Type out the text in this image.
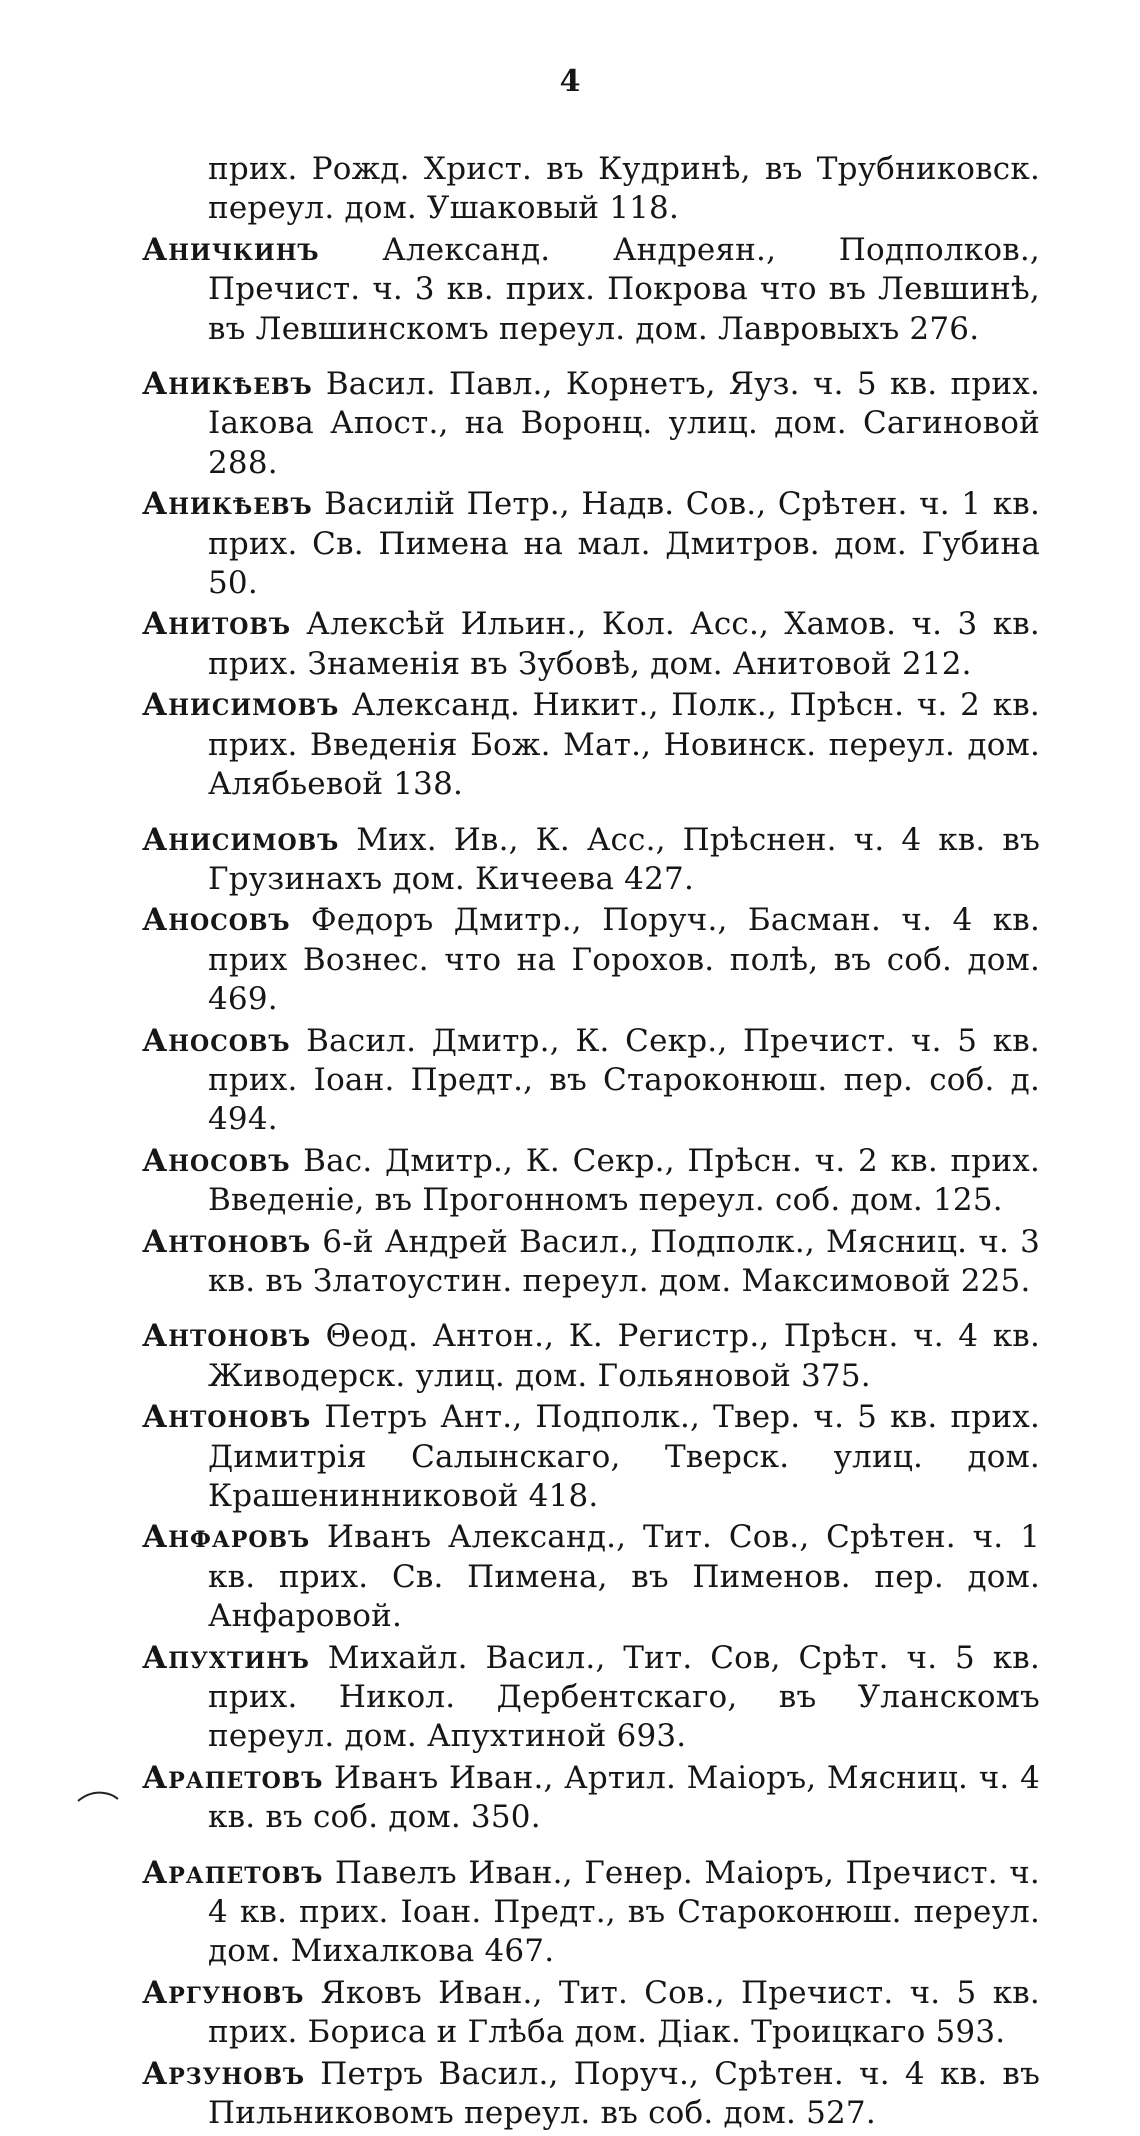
4
прих. Рожд. Христ. въ Кудринѣ, въ Трубниковск. переул. дом. Ушаковый 118.
Аничкинъ Александ. Андреян., Подполков., Пречист. ч. 3 кв. прих. Покрова что въ Левшинѣ, въ Левшинскомъ переул. дом. Лавровыхъ 276.
Аникѣевъ Васил. Павл., Корнетъ, Яуз. ч. 5 кв. прих. Іакова Апост., на Воронц. улиц. дом. Сагиновой 288.
Аникѣевъ Василій Петр., Надв. Сов., Срѣтен. ч. 1 кв. прих. Св. Пимена на мал. Дмитров. дом. Губина 50.
Анитовъ Алексѣй Ильин., Кол. Асс., Хамов. ч. 3 кв. прих. Знаменія въ Зубовѣ, дом. Анитовой 212.
Анисимовъ Александ. Никит., Полк., Прѣсн. ч. 2 кв. прих. Введенія Бож. Мат., Новинск. переул. дом. Алябьевой 138.
Анисимовъ Мих. Ив., К. Асс., Прѣснен. ч. 4 кв. въ Грузинахъ дом. Кичеева 427.
Аносовъ Федоръ Дмитр., Поруч., Басман. ч. 4 кв. прих Вознес. что на Горохов. полѣ, въ соб. дом. 469.
Аносовъ Васил. Дмитр., К. Секр., Пречист. ч. 5 кв. прих. Іоан. Предт., въ Староконюш. пер. соб. д. 494.
Аносовъ Вас. Дмитр., К. Секр., Прѣсн. ч. 2 кв. прих. Введеніе, въ Прогонномъ переул. соб. дом. 125.
Антоновъ 6-й Андрей Васил., Подполк., Мясниц. ч. 3 кв. въ Златоустин. переул. дом. Максимовой 225.
Антоновъ Θеод. Антон., К. Регистр., Прѣсн. ч. 4 кв. Живодерск. улиц. дом. Гольяновой 375.
Антоновъ Петръ Ант., Подполк., Твер. ч. 5 кв. прих. Димитрія Салынскаго, Тверск. улиц. дом. Крашенинниковой 418.
Анфаровъ Иванъ Александ., Тит. Сов., Срѣтен. ч. 1 кв. прих. Св. Пимена, въ Пименов. пер. дом. Анфаровой.
Апухтинъ Михайл. Васил., Тит. Сов, Срѣт. ч. 5 кв. прих. Никол. Дербентскаго, въ Уланскомъ переул. дом. Апухтиной 693.
Арапетовъ Иванъ Иван., Артил. Маіоръ, Мясниц. ч. 4 кв. въ соб. дом. 350.
Арапетовъ Павелъ Иван., Генер. Маіоръ, Пречист. ч. 4 кв. прих. Іоан. Предт., въ Староконюш. переул. дом. Михалкова 467.
Аргуновъ Яковъ Иван., Тит. Сов., Пречист. ч. 5 кв. прих. Бориса и Глѣба дом. Діак. Троицкаго 593.
Арзуновъ Петръ Васил., Поруч., Срѣтен. ч. 4 кв. въ Пильниковомъ переул. въ соб. дом. 527.
